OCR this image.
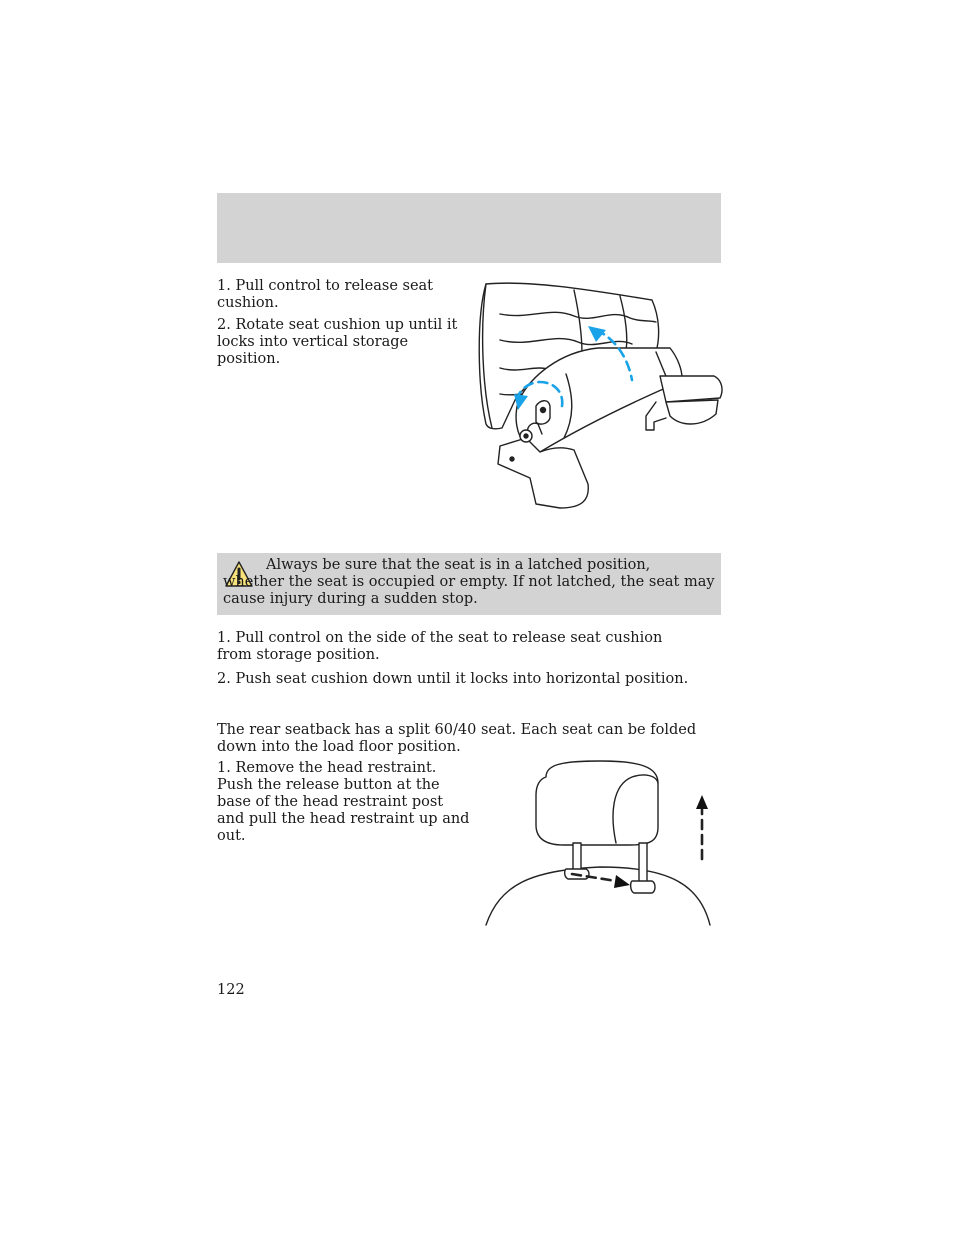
1. Pull control to release seat cushion.

2. Rotate seat cushion up until it locks into vertical storage position.

Always be sure that the seat is in a latched position, whether the seat is occupied or empty. If not latched, the seat may cause injury during a sudden stop.

1. Pull control on the side of the seat to release seat cushion from storage position.

2. Push seat cushion down until it locks into horizontal position.

The rear seatback has a split 60/40 seat. Each seat can be folded down into the load floor position.

1. Remove the head restraint. Push the release button at the base of the head restraint post and pull the head restraint up and out.

122
